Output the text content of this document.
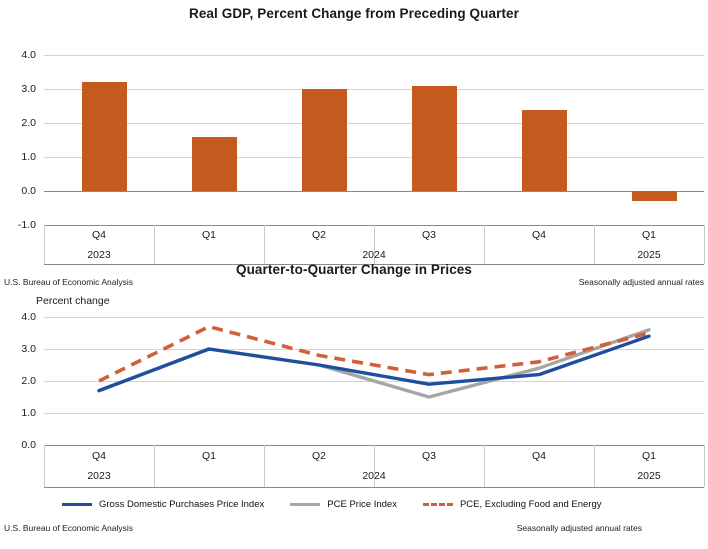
Real GDP, Percent Change from Preceding Quarter
4.0
3.0
2.0
1.0
0.0
-1.0
Q4	Q1	Q2	Q3	Q4	Q1
2023	2024	2025
U.S. Bureau of Economic Analysis	Seasonally adjusted annual rates
Quarter-to-Quarter Change in Prices
Percent change
4.0
3.0
2.0
1.0
0.0
Q4	Q1	Q2	Q3	Q4	Q1
2023	2024	2025
Gross Domestic Purchases Price Index	PCE Price Index	PCE, Excluding Food and Energy
U.S. Bureau of Economic Analysis	Seasonally adjusted annual rates
